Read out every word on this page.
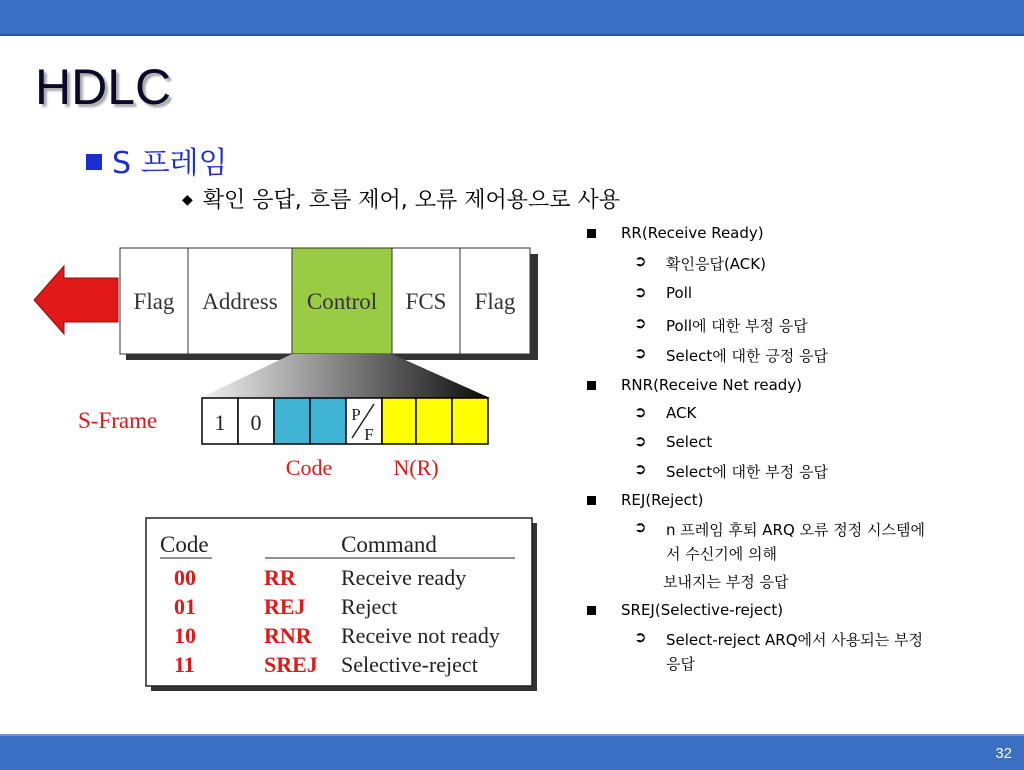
HDLC
S 프레임
◆ 확인 응답, 흐름 제어, 오류 제어용으로 사용
Flag Address Control FCS Flag
1 0	P
F
S-Frame
Code	N(R)
Code	Command
00	RR Receive ready
01	REJ Reject
10	RNR Receive not ready
11	SREJ Selective-reject
RR(Receive Ready)
➲ 확인응답(ACK)
➲ Poll
➲ Poll에 대한 부정 응답
➲ Select에 대한 긍정 응답
RNR(Receive Net ready)
➲ ACK
➲ Select
➲ Select에 대한 부정 응답
REJ(Reject)
➲ n 프레임 후퇴 ARQ 오류 정정 시스템에
서 수신기에 의해
보내지는 부정 응답
SREJ(Selective-reject)
➲ Select-reject ARQ에서 사용되는 부정
응답
32
